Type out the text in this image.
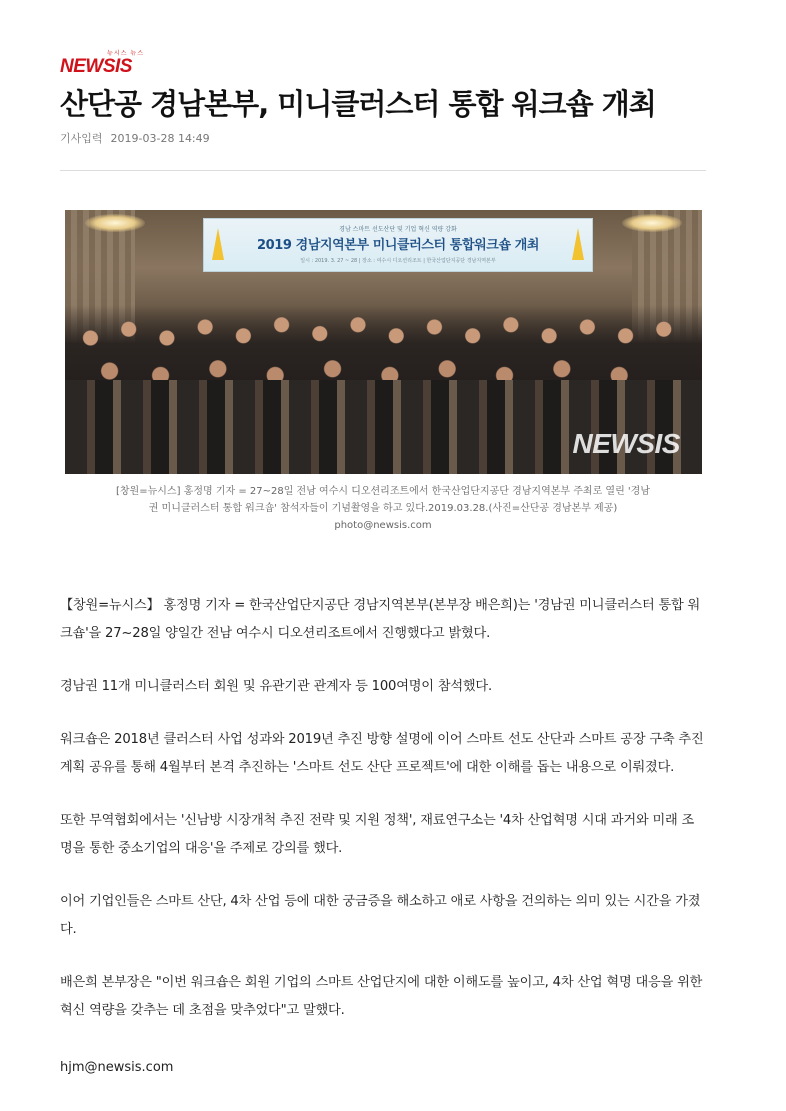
뉴시스 뉴스
NEWSIS
산단공 경남본부, 미니클러스터 통합 워크숍 개최
기사입력 2019-03-28 14:49
경남 스마트 선도산단 및 기업 혁신 역량 강화
2019 경남지역본부 미니클러스터 통합워크숍 개최
일시 : 2019. 3. 27 ~ 28 | 장소 : 여수시 디오션리조트 | 한국산업단지공단 경남지역본부
NEWSIS
[창원=뉴시스] 홍정명 기자 = 27~28일 전남 여수시 디오션리조트에서 한국산업단지공단 경남지역본부 주최로 열린 '경남
권 미니클러스터 통합 워크숍' 참석자들이 기념촬영을 하고 있다.2019.03.28.(사진=산단공 경남본부 제공)
photo@newsis.com

【창원=뉴시스】 홍정명 기자 = 한국산업단지공단 경남지역본부(본부장 배은희)는 '경남권 미니클러스터 통합 워크숍'을 27~28일 양일간 전남 여수시 디오션리조트에서 진행했다고 밝혔다.

경남권 11개 미니클러스터 회원 및 유관기관 관계자 등 100여명이 참석했다.

워크숍은 2018년 클러스터 사업 성과와 2019년 추진 방향 설명에 이어 스마트 선도 산단과 스마트 공장 구축 추진 계획 공유를 통해 4월부터 본격 추진하는 '스마트 선도 산단 프로젝트'에 대한 이해를 돕는 내용으로 이뤄졌다.

또한 무역협회에서는 '신남방 시장개척 추진 전략 및 지원 정책', 재료연구소는 '4차 산업혁명 시대 과거와 미래 조명을 통한 중소기업의 대응'을 주제로 강의를 했다.

이어 기업인들은 스마트 산단, 4차 산업 등에 대한 궁금증을 해소하고 애로 사항을 건의하는 의미 있는 시간을 가졌다.

배은희 본부장은 "이번 워크숍은 회원 기업의 스마트 산업단지에 대한 이해도를 높이고, 4차 산업 혁명 대응을 위한 혁신 역량을 갖추는 데 초점을 맞추었다"고 말했다.

hjm@newsis.com
